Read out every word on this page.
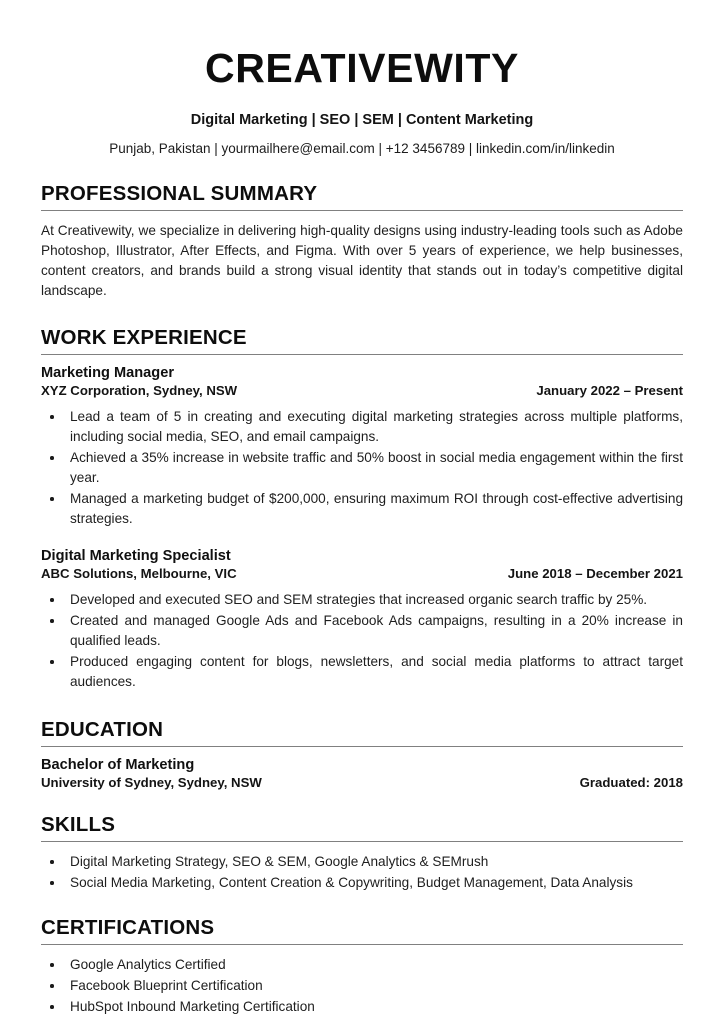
CREATIVEWITY

Digital Marketing | SEO | SEM | Content Marketing

Punjab, Pakistan | yourmailhere@email.com | +12 3456789 | linkedin.com/in/linkedin

PROFESSIONAL SUMMARY

At Creativewity, we specialize in delivering high-quality designs using industry-leading tools such as Adobe Photoshop, Illustrator, After Effects, and Figma. With over 5 years of experience, we help businesses, content creators, and brands build a strong visual identity that stands out in today’s competitive digital landscape.

WORK EXPERIENCE

Marketing Manager

XYZ Corporation, Sydney, NSW	January 2022 – Present
Lead a team of 5 in creating and executing digital marketing strategies across multiple platforms, including social media, SEO, and email campaigns.
Achieved a 35% increase in website traffic and 50% boost in social media engagement within the first year.
Managed a marketing budget of $200,000, ensuring maximum ROI through cost-effective advertising strategies.

Digital Marketing Specialist

ABC Solutions, Melbourne, VIC	June 2018 – December 2021
Developed and executed SEO and SEM strategies that increased organic search traffic by 25%.
Created and managed Google Ads and Facebook Ads campaigns, resulting in a 20% increase in qualified leads.
Produced engaging content for blogs, newsletters, and social media platforms to attract target audiences.
EDUCATION

Bachelor of Marketing

University of Sydney, Sydney, NSW	Graduated: 2018
SKILLS
Digital Marketing Strategy, SEO & SEM, Google Analytics & SEMrush
Social Media Marketing, Content Creation & Copywriting, Budget Management, Data Analysis
CERTIFICATIONS
Google Analytics Certified
Facebook Blueprint Certification
HubSpot Inbound Marketing Certification
